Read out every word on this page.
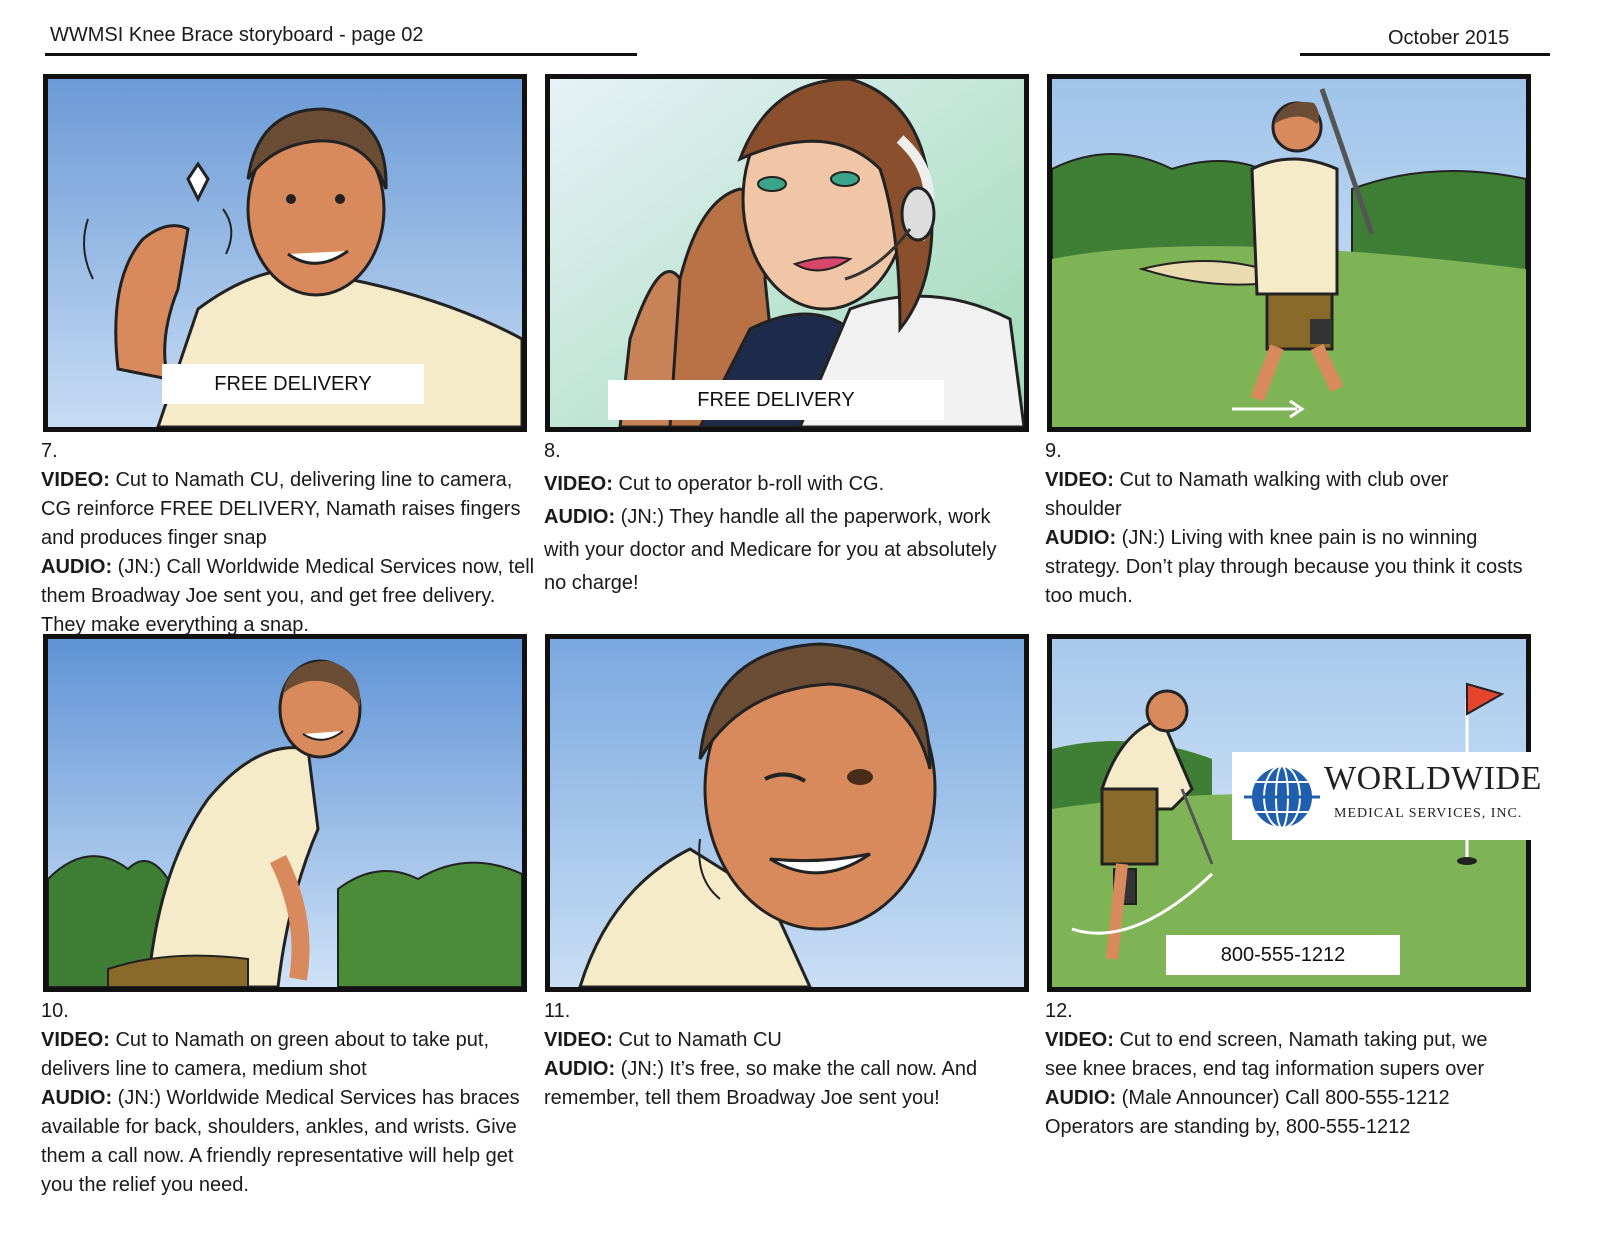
WWMSI Knee Brace storyboard - page 02	October 2015
FREE DELIVERY
FREE DELIVERY
7.
VIDEO: Cut to Namath CU, delivering line to camera, CG reinforce FREE DELIVERY, Namath raises fingers and produces finger snap
AUDIO: (JN:) Call Worldwide Medical Services now, tell them Broadway Joe sent you, and get free delivery. They make everything a snap.
8.
VIDEO: Cut to operator b-roll with CG.
AUDIO: (JN:) They handle all the paperwork, work with your doctor and Medicare for you at absolutely no charge!
9.
VIDEO: Cut to Namath walking with club over shoulder
AUDIO: (JN:) Living with knee pain is no winning strategy. Don’t play through because you think it costs too much.
WORLDWIDE
MEDICAL SERVICES, INC.
800-555-1212
10.
VIDEO: Cut to Namath on green about to take put, delivers line to camera, medium shot
AUDIO: (JN:) Worldwide Medical Services has braces available for back, shoulders, ankles, and wrists. Give them a call now. A friendly representative will help get you the relief you need.
11.
VIDEO: Cut to Namath CU
AUDIO: (JN:) It’s free, so make the call now. And remember, tell them Broadway Joe sent you!
12.
VIDEO: Cut to end screen, Namath taking put, we see knee braces, end tag information supers over
AUDIO: (Male Announcer) Call 800-555-1212 Operators are standing by, 800-555-1212
